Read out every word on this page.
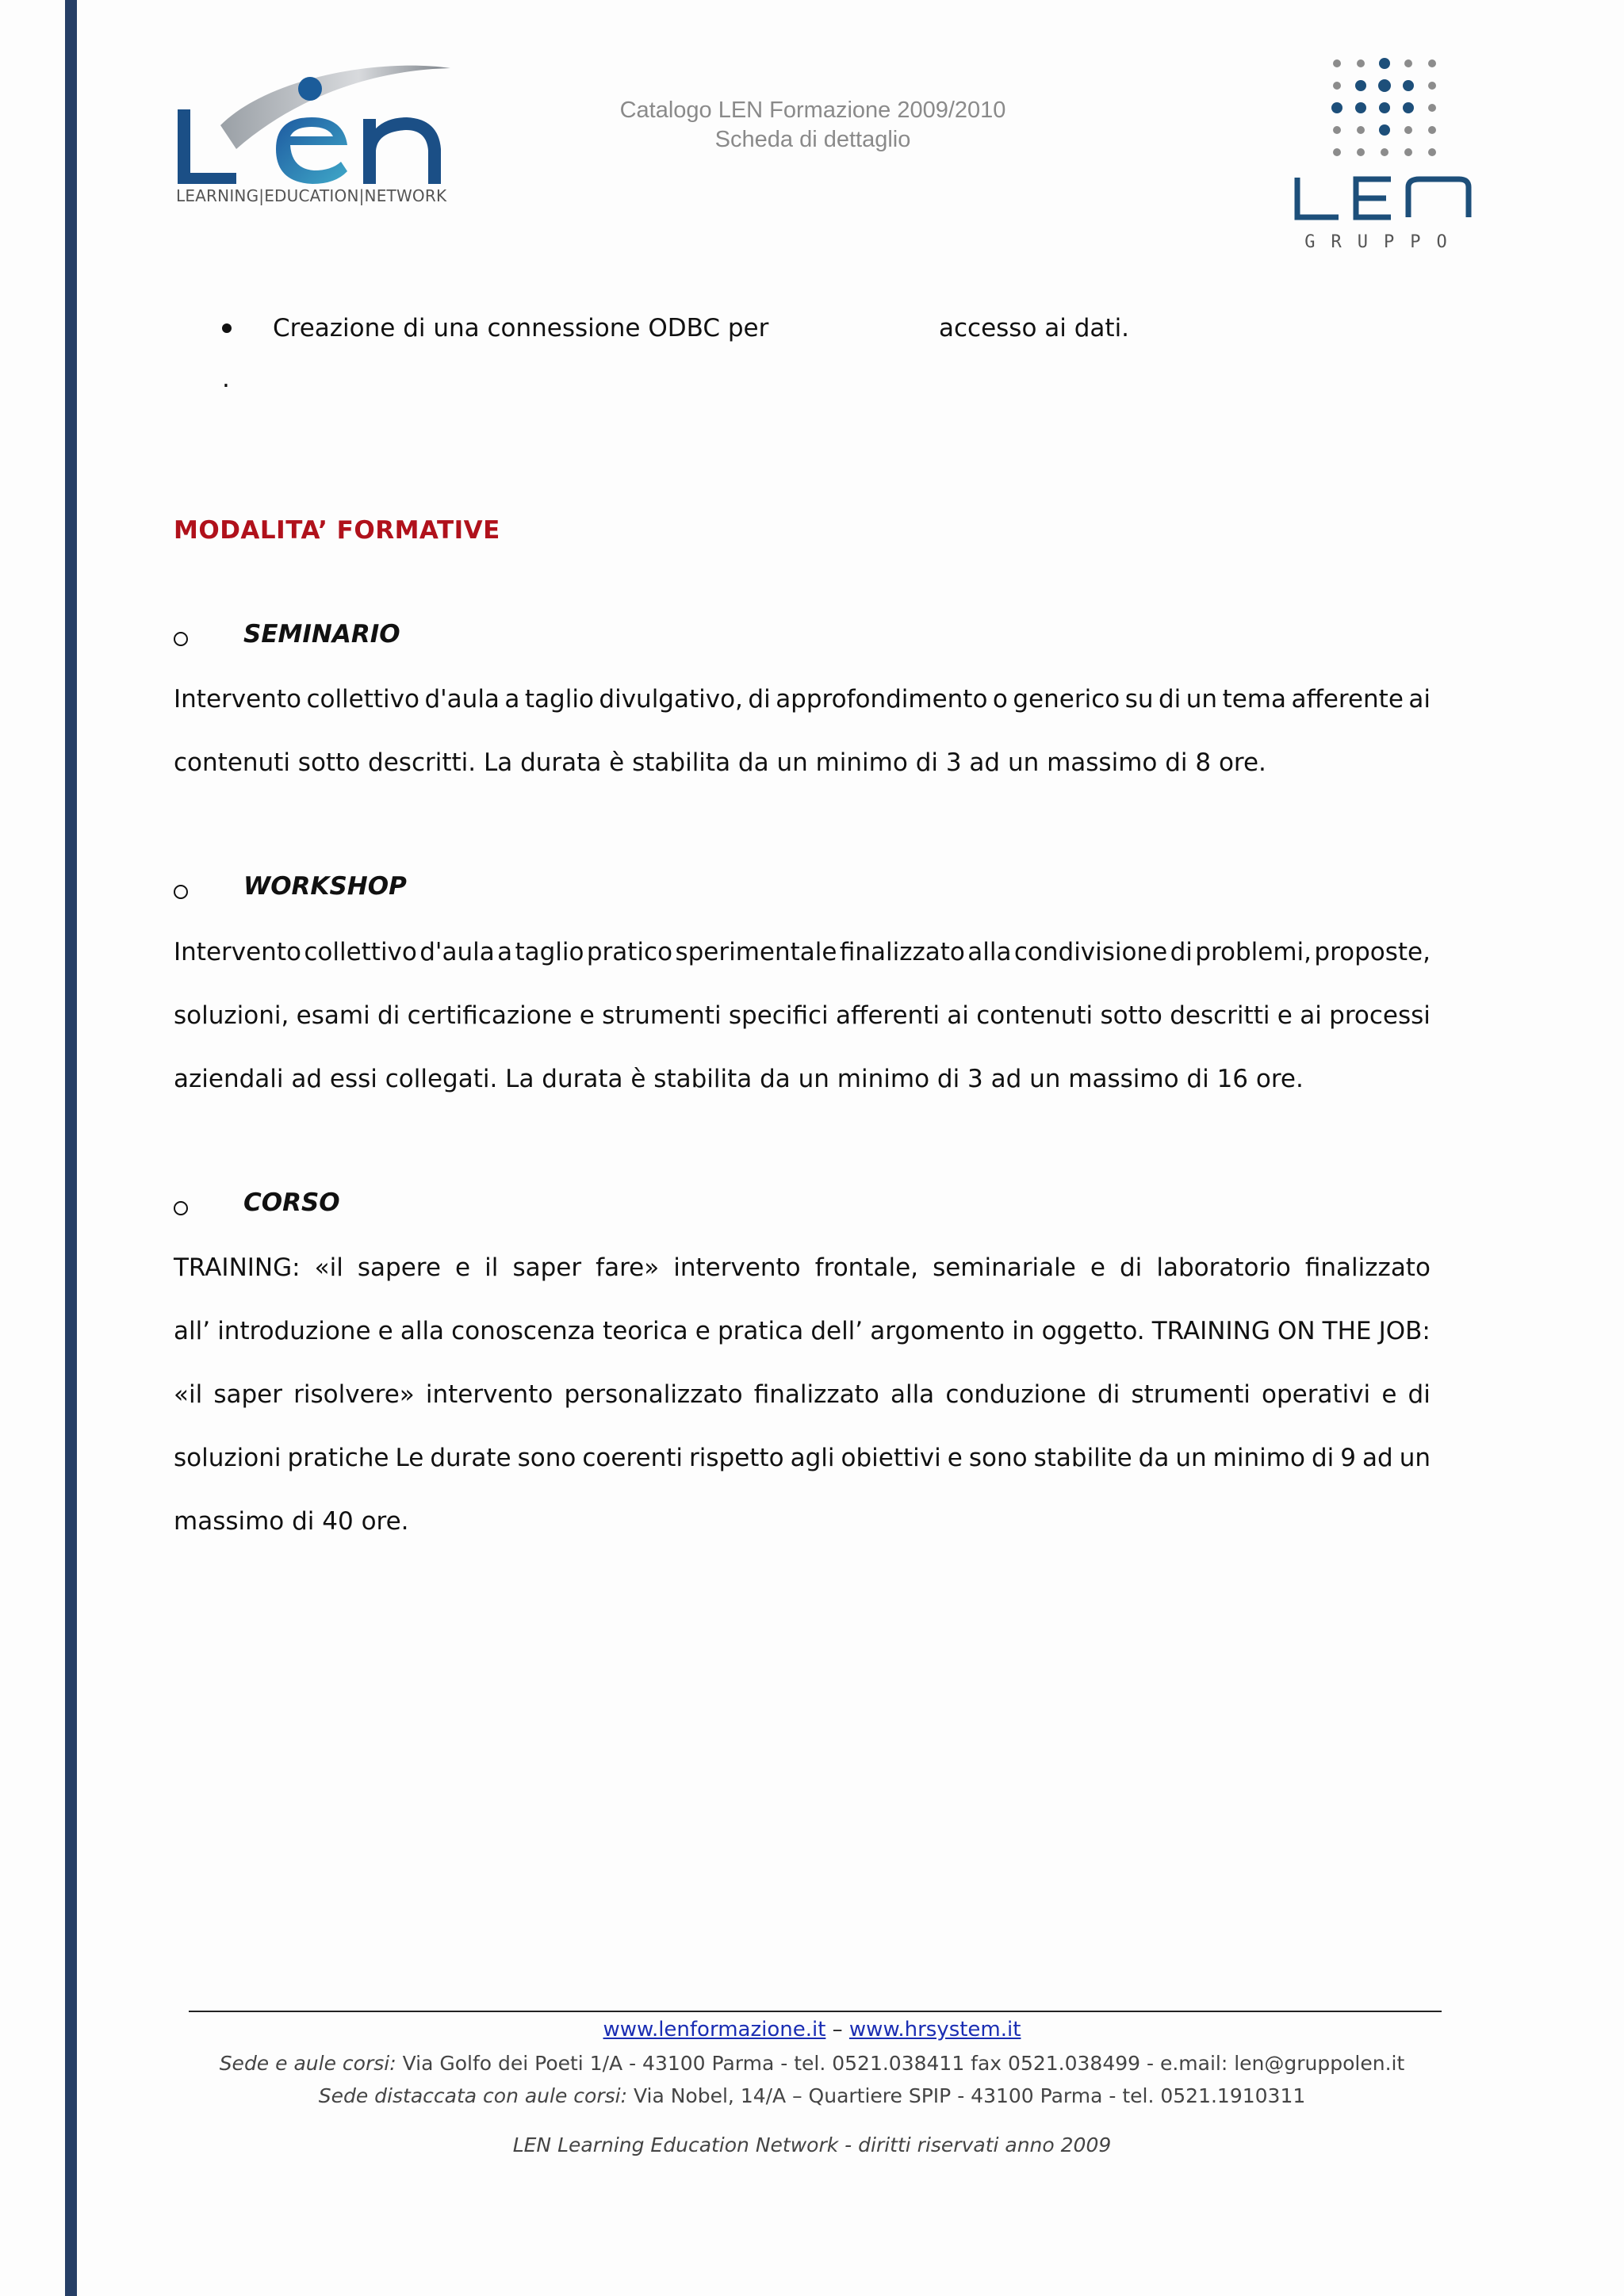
LEARNING|EDUCATION|NETWORK
Catalogo LEN Formazione 2009/2010
Scheda di dettaglio
GRUPPO
Creazione di una connessione ODBC per	accesso ai dati.
.
MODALITA’ FORMATIVE
SEMINARIO
Intervento collettivo d'aula a taglio divulgativo, di approfondimento o generico su di un tema afferente ai
contenuti sotto descritti. La durata è stabilita da un minimo di 3 ad un massimo di 8 ore.
WORKSHOP
Intervento collettivo d'aula a taglio pratico sperimentale finalizzato alla condivisione di problemi, proposte,
soluzioni, esami di certificazione e strumenti specifici afferenti ai contenuti sotto descritti e ai processi
aziendali ad essi collegati. La durata è stabilita da un minimo di 3 ad un massimo di 16 ore.
CORSO
TRAINING: «il sapere e il saper fare» intervento frontale, seminariale e di laboratorio finalizzato
all’ introduzione e alla conoscenza teorica e pratica dell’ argomento in oggetto. TRAINING ON THE JOB:
«il saper risolvere» intervento personalizzato finalizzato alla conduzione di strumenti operativi e di
soluzioni pratiche Le durate sono coerenti rispetto agli obiettivi e sono stabilite da un minimo di 9 ad un
massimo di 40 ore.
www.lenformazione.it – www.hrsystem.it
Sede e aule corsi: Via Golfo dei Poeti 1/A - 43100 Parma - tel. 0521.038411 fax 0521.038499 - e.mail: len@gruppolen.it
Sede distaccata con aule corsi: Via Nobel, 14/A – Quartiere SPIP - 43100 Parma - tel. 0521.1910311
LEN Learning Education Network - diritti riservati anno 2009
